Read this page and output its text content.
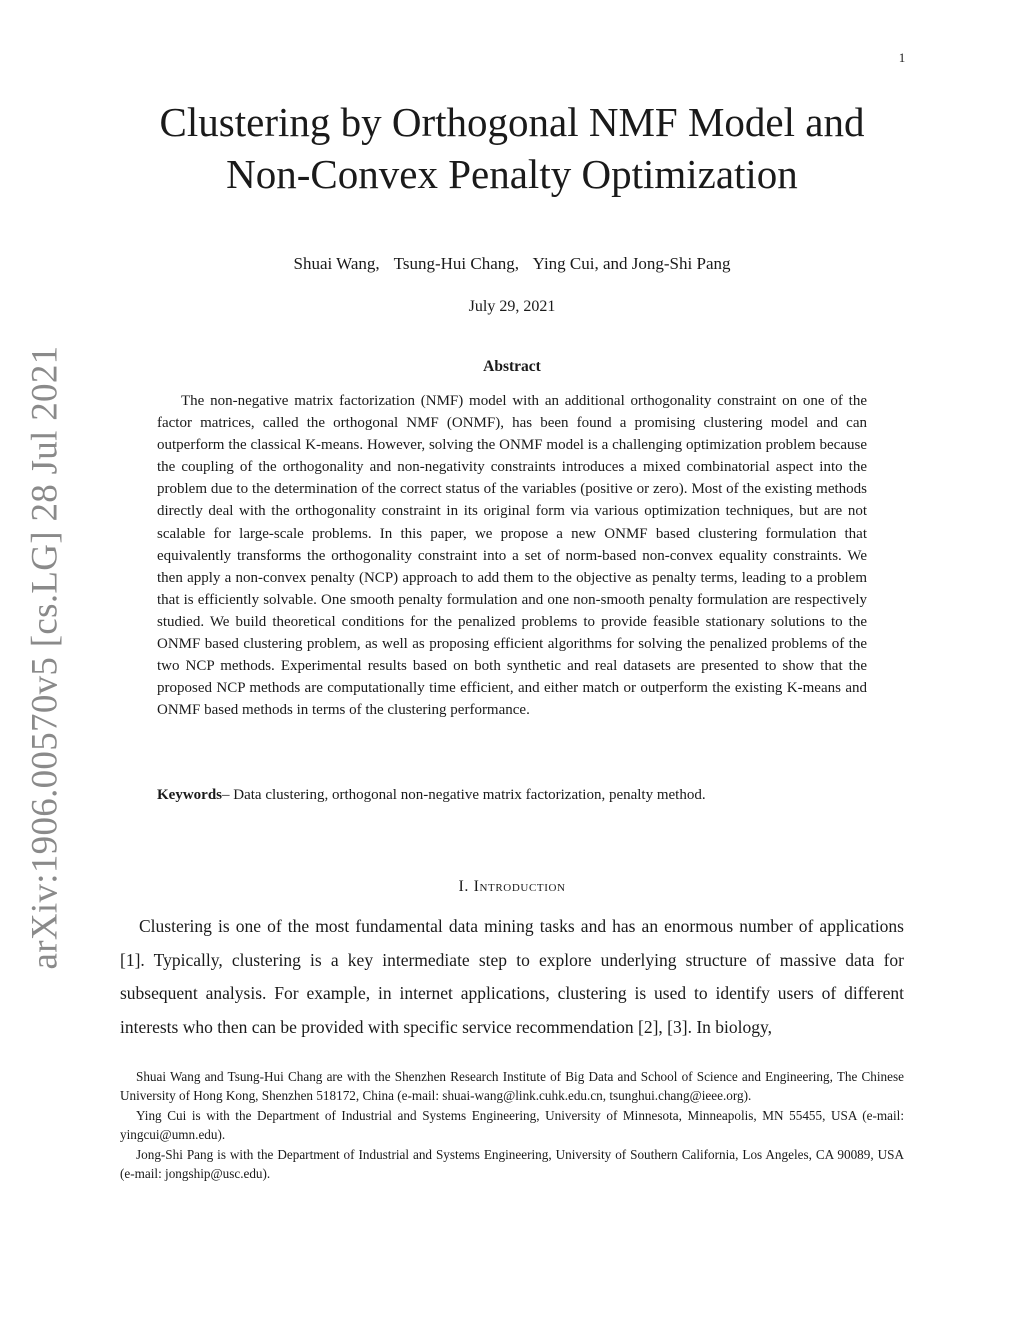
1
arXiv:1906.00570v5 [cs.LG] 28 Jul 2021
Clustering by Orthogonal NMF Model and
Non-Convex Penalty Optimization
Shuai Wang, Tsung-Hui Chang, Ying Cui, and Jong-Shi Pang
July 29, 2021
Abstract

The non-negative matrix factorization (NMF) model with an additional orthogonality constraint on one of the factor matrices, called the orthogonal NMF (ONMF), has been found a promising clustering model and can outperform the classical K-means. However, solving the ONMF model is a challenging optimization problem because the coupling of the orthogonality and non-negativity constraints introduces a mixed combinatorial aspect into the problem due to the determination of the correct status of the variables (positive or zero). Most of the existing methods directly deal with the orthogonality constraint in its original form via various optimization techniques, but are not scalable for large-scale problems. In this paper, we propose a new ONMF based clustering formulation that equivalently transforms the orthogonality constraint into a set of norm-based non-convex equality constraints. We then apply a non-convex penalty (NCP) approach to add them to the objective as penalty terms, leading to a problem that is efficiently solvable. One smooth penalty formulation and one non-smooth penalty formulation are respectively studied. We build theoretical conditions for the penalized problems to provide feasible stationary solutions to the ONMF based clustering problem, as well as proposing efficient algorithms for solving the penalized problems of the two NCP methods. Experimental results based on both synthetic and real datasets are presented to show that the proposed NCP methods are computationally time efficient, and either match or outperform the existing K-means and ONMF based methods in terms of the clustering performance.

Keywords– Data clustering, orthogonal non-negative matrix factorization, penalty method.

I. Introduction

Clustering is one of the most fundamental data mining tasks and has an enormous number of applications [1]. Typically, clustering is a key intermediate step to explore underlying structure of massive data for subsequent analysis. For example, in internet applications, clustering is used to identify users of different interests who then can be provided with specific service recommendation [2], [3]. In biology,

Shuai Wang and Tsung-Hui Chang are with the Shenzhen Research Institute of Big Data and School of Science and Engineering, The Chinese University of Hong Kong, Shenzhen 518172, China (e-mail: shuai-wang@link.cuhk.edu.cn, tsunghui.chang@ieee.org).

Ying Cui is with the Department of Industrial and Systems Engineering, University of Minnesota, Minneapolis, MN 55455, USA (e-mail: yingcui@umn.edu).

Jong-Shi Pang is with the Department of Industrial and Systems Engineering, University of Southern California, Los Angeles, CA 90089, USA (e-mail: jongship@usc.edu).
